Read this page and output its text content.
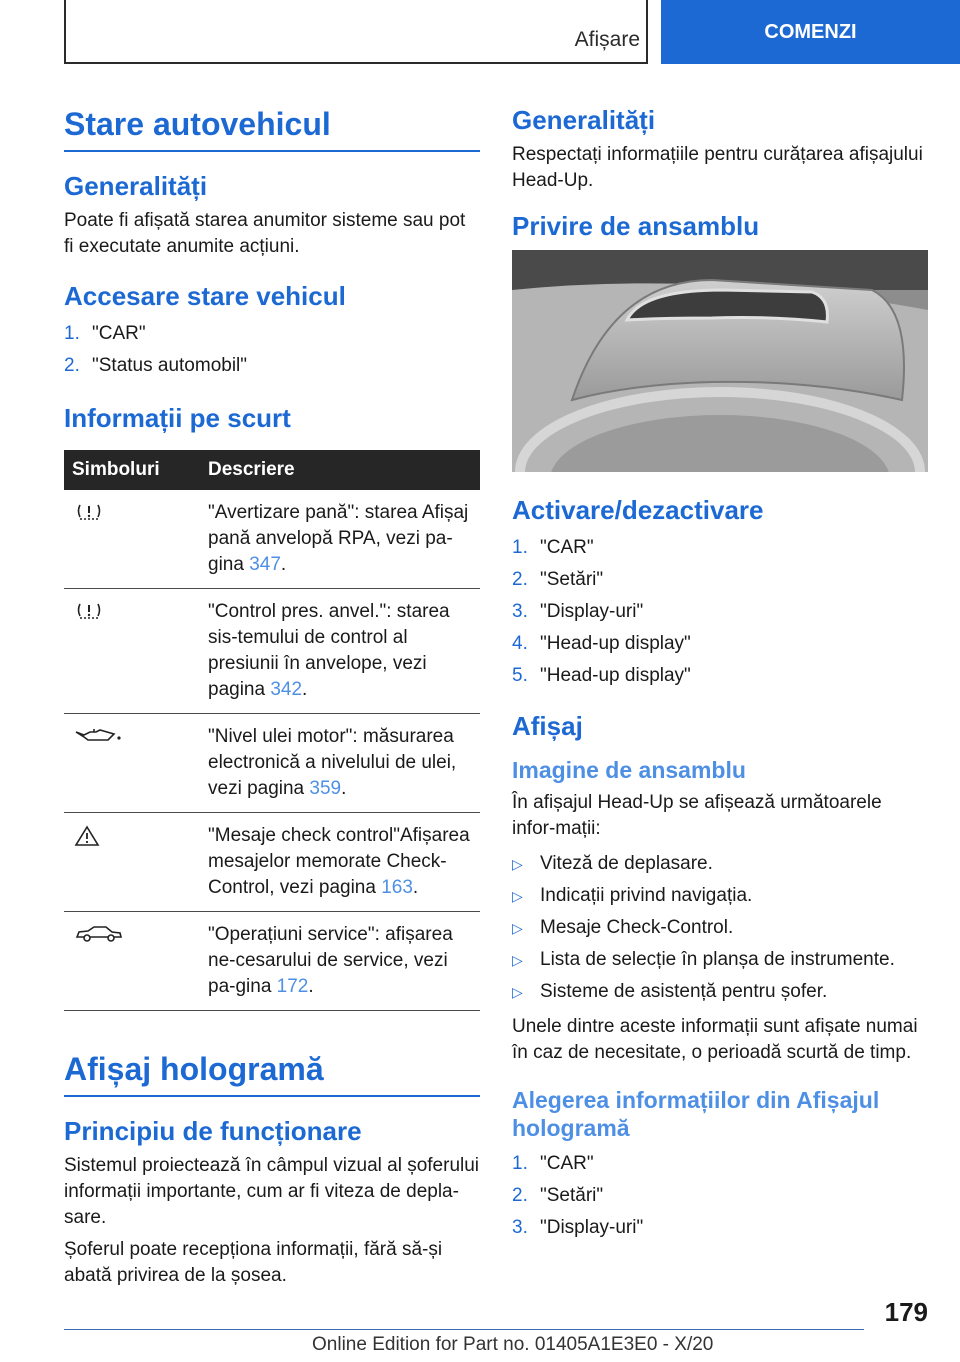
Afișare	COMENZI
Stare autovehicul
Generalități
Poate fi afișată starea anumitor sisteme sau pot fi executate anumite acțiuni.
Accesare stare vehicul
1. "CAR"
2. "Status automobil"
Informații pe scurt
Simboluri	Descriere
	"Avertizare pană": starea Afișaj pană anvelopă RPA, vezi pa-gina 347.
	"Control pres. anvel.": starea sis-temului de control al presiunii în anvelope, vezi pagina 342.
	"Nivel ulei motor": măsurarea electronică a nivelului de ulei, vezi pagina 359.
	"Mesaje check control"Afișarea mesajelor memorate Check-Control, vezi pagina 163.
	"Operațiuni service": afișarea ne-cesarului de service, vezi pa-gina 172.
Afișaj hologramă
Principiu de funcționare
Sistemul proiectează în câmpul vizual al șoferului informații importante, cum ar fi viteza de depla-sare.
Șoferul poate recepționa informații, fără să-și abată privirea de la șosea.
Generalități
Respectați informațiile pentru curățarea afișajului Head-Up.
Privire de ansamblu
Activare/dezactivare
1. "CAR"
2. "Setări"
3. "Display-uri"
4. "Head-up display"
5. "Head-up display"
Afișaj
Imagine de ansamblu
În afișajul Head-Up se afișează următoarele infor-mații:
▷ Viteză de deplasare.
▷ Indicații privind navigația.
▷ Mesaje Check-Control.
▷ Lista de selecție în planșa de instrumente.
▷ Sisteme de asistență pentru șofer.
Unele dintre aceste informații sunt afișate numai în caz de necesitate, o perioadă scurtă de timp.
Alegerea informațiilor din Afișajul hologramă
1. "CAR"
2. "Setări"
3. "Display-uri"
179
Online Edition for Part no. 01405A1E3E0 - X/20
